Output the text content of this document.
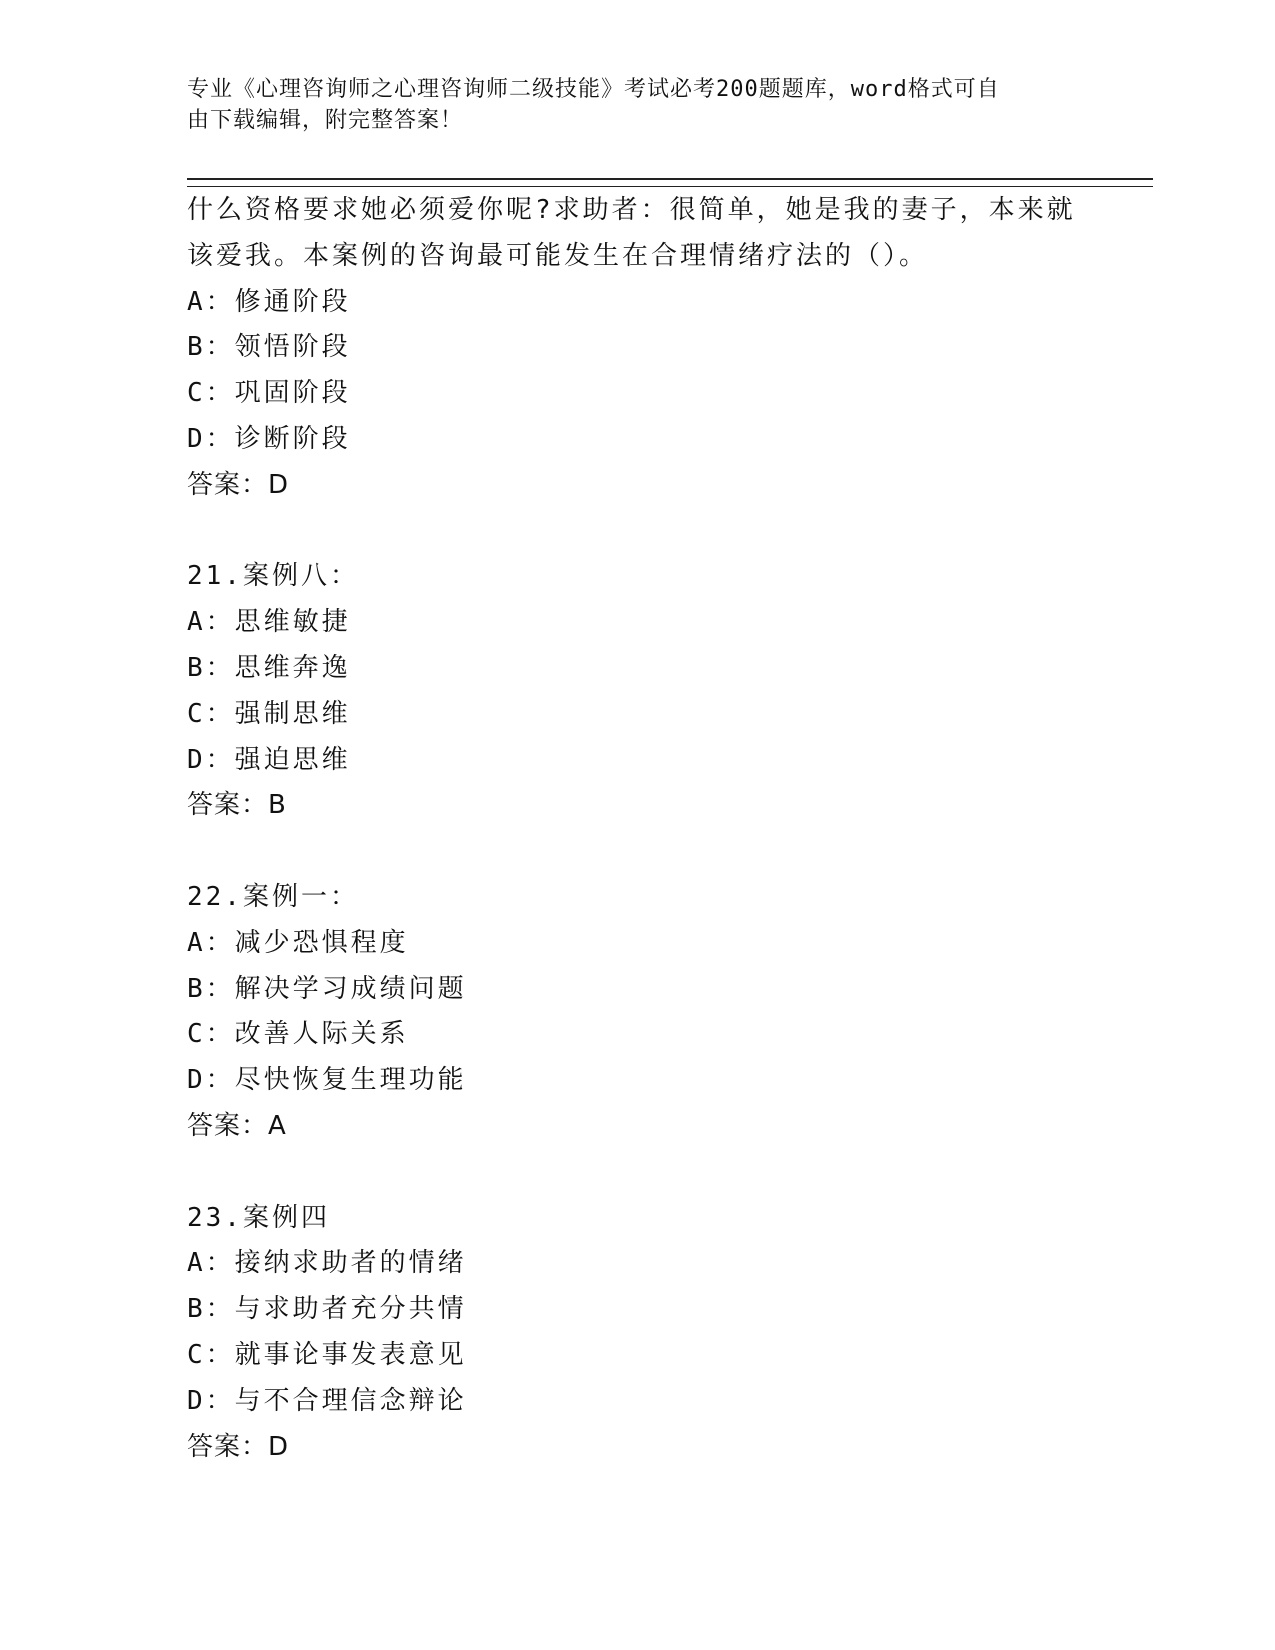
专业《心理咨询师之心理咨询师二级技能》考试必考200题题库，word格式可自
由下载编辑，附完整答案！
什么资格要求她必须爱你呢?求助者：很简单，她是我的妻子，本来就
该爱我。本案例的咨询最可能发生在合理情绪疗法的（）。
A：修通阶段
B：领悟阶段
C：巩固阶段
D：诊断阶段
答案：D
21.案例八：
A：思维敏捷
B：思维奔逸
C：强制思维
D：强迫思维
答案：B
22.案例一：
A：减少恐惧程度
B：解决学习成绩问题
C：改善人际关系
D：尽快恢复生理功能
答案：A
23.案例四
A：接纳求助者的情绪
B：与求助者充分共情
C：就事论事发表意见
D：与不合理信念辩论
答案：D
